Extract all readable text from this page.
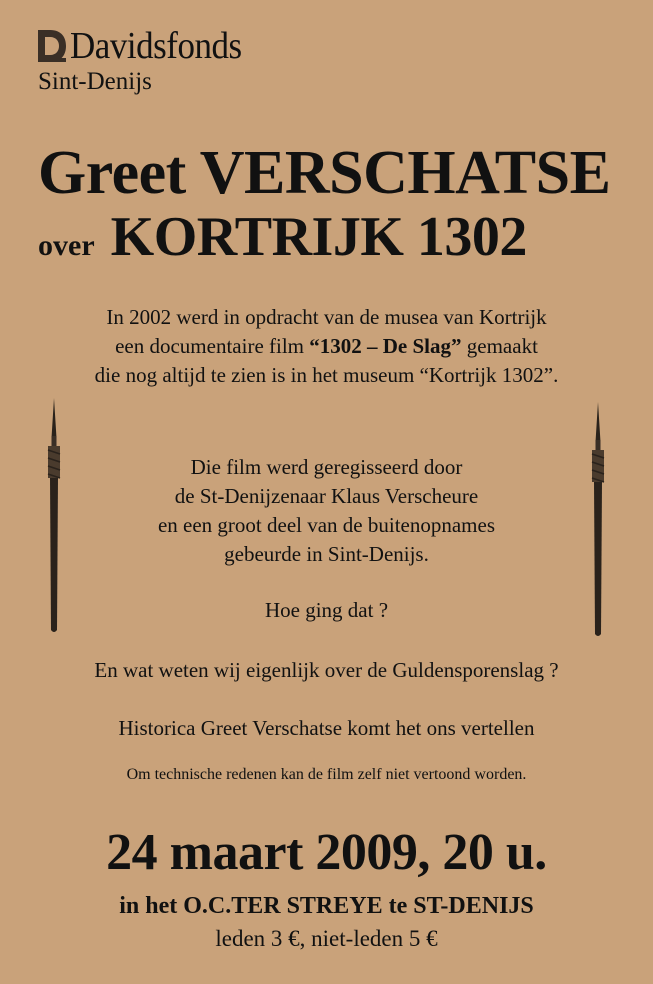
Davidsfonds
Sint-Denijs
Greet VERSCHATSE
over KORTRIJK 1302
In 2002 werd in opdracht van de musea van Kortrijk
een documentaire film “1302 – De Slag” gemaakt
die nog altijd te zien is in het museum “Kortrijk 1302”.
Die film werd geregisseerd door
de St-Denijzenaar Klaus Verscheure
en een groot deel van de buitenopnames
gebeurde in Sint-Denijs.
Hoe ging dat ?
En wat weten wij eigenlijk over de Guldensporenslag ?
Historica Greet Verschatse komt het ons vertellen
Om technische redenen kan de film zelf niet vertoond worden.
24 maart 2009, 20 u.
in het O.C.TER STREYE te ST-DENIJS
leden 3 €, niet-leden 5 €
